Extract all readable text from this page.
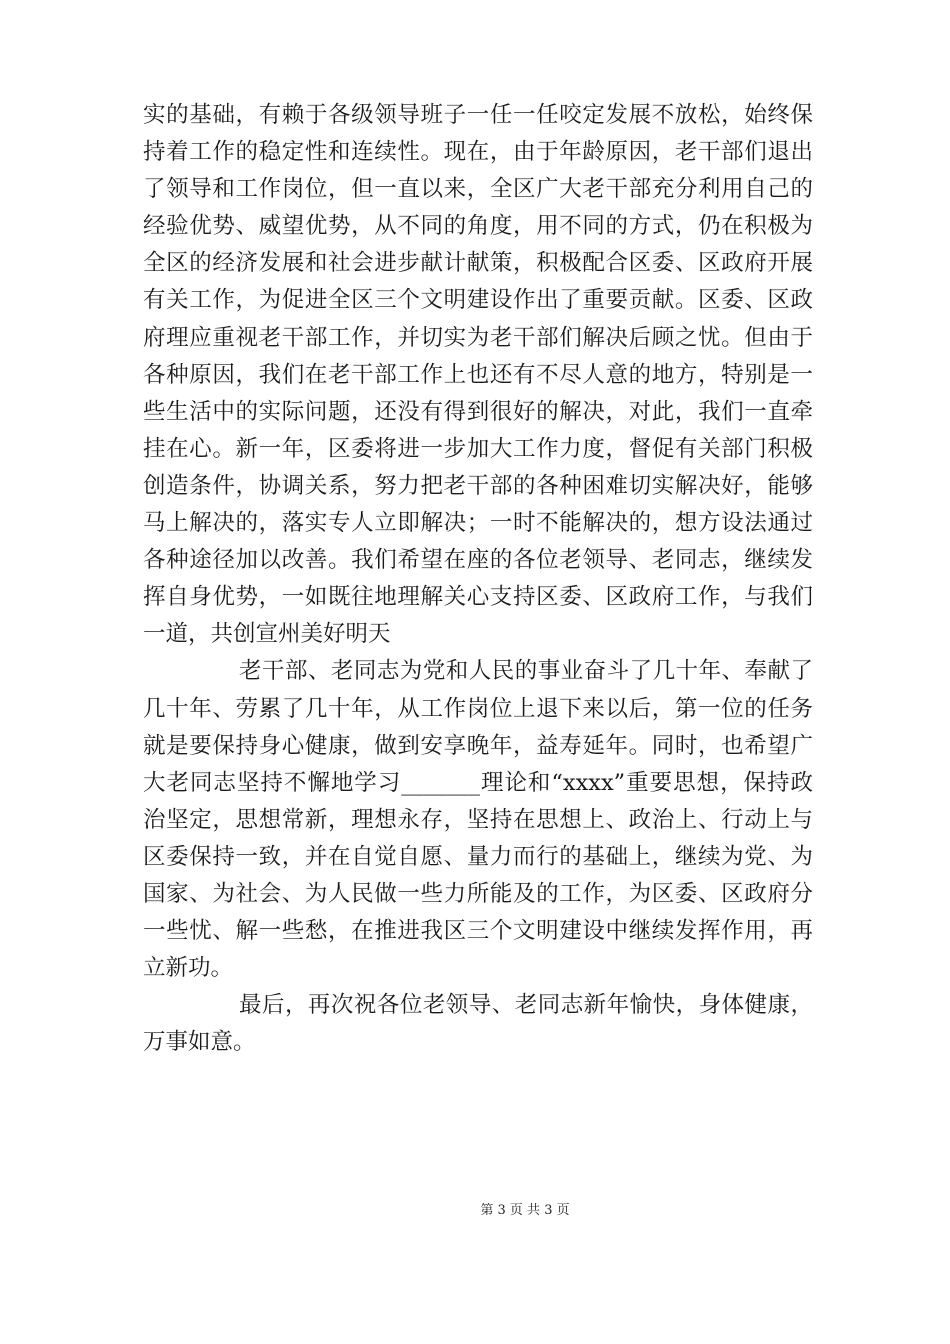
实的基础，有赖于各级领导班子一任一任咬定发展不放松，始终保
持着工作的稳定性和连续性。现在，由于年龄原因，老干部们退出
了领导和工作岗位，但一直以来，全区广大老干部充分利用自己的
经验优势、威望优势，从不同的角度，用不同的方式，仍在积极为
全区的经济发展和社会进步献计献策，积极配合区委、区政府开展
有关工作，为促进全区三个文明建设作出了重要贡献。区委、区政
府理应重视老干部工作，并切实为老干部们解决后顾之忧。但由于
各种原因，我们在老干部工作上也还有不尽人意的地方，特别是一
些生活中的实际问题，还没有得到很好的解决，对此，我们一直牵
挂在心。新一年，区委将进一步加大工作力度，督促有关部门积极
创造条件，协调关系，努力把老干部的各种困难切实解决好，能够
马上解决的，落实专人立即解决；一时不能解决的，想方设法通过
各种途径加以改善。我们希望在座的各位老领导、老同志，继续发
挥自身优势，一如既往地理解关心支持区委、区政府工作，与我们
一道，共创宣州美好明天
老干部、老同志为党和人民的事业奋斗了几十年、奉献了
几十年、劳累了几十年，从工作岗位上退下来以后，第一位的任务
就是要保持身心健康，做到安享晚年，益寿延年。同时，也希望广
大老同志坚持不懈地学习_______理论和“xxxx”重要思想，保持政
治坚定，思想常新，理想永存，坚持在思想上、政治上、行动上与
区委保持一致，并在自觉自愿、量力而行的基础上，继续为党、为
国家、为社会、为人民做一些力所能及的工作，为区委、区政府分
一些忧、解一些愁，在推进我区三个文明建设中继续发挥作用，再
立新功。
最后，再次祝各位老领导、老同志新年愉快，身体健康，
万事如意。
第 3 页 共 3 页
